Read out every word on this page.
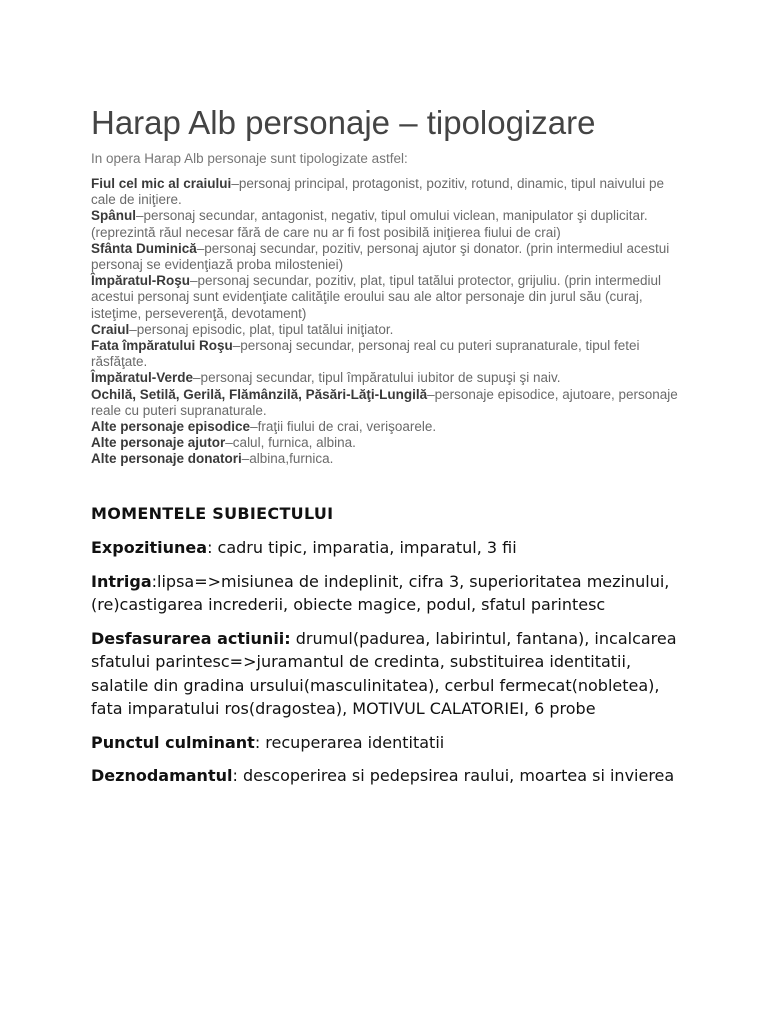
Harap Alb personaje – tipologizare
In opera Harap Alb personaje sunt tipologizate astfel:
Fiul cel mic al craiului–personaj principal, protagonist, pozitiv, rotund, dinamic, tipul naivului pe cale de iniţiere.
Spânul–personaj secundar, antagonist, negativ, tipul omului viclean, manipulator şi duplicitar. (reprezintă răul necesar fără de care nu ar fi fost posibilă iniţierea fiului de crai)
Sfânta Duminică–personaj secundar, pozitiv, personaj ajutor şi donator. (prin intermediul acestui personaj se evidenţiază proba milosteniei)
Împăratul-Roşu–personaj secundar, pozitiv, plat, tipul tatălui protector, grijuliu. (prin intermediul acestui personaj sunt evidenţiate calităţile eroului sau ale altor personaje din jurul său (curaj, isteţime, perseverenţă, devotament)
Craiul–personaj episodic, plat, tipul tatălui iniţiator.
Fata împăratului Roşu–personaj secundar, personaj real cu puteri supranaturale, tipul fetei răsfăţate.
Împăratul-Verde–personaj secundar, tipul împăratului iubitor de supuşi şi naiv.
Ochilă, Setilă, Gerilă, Flămânzilă, Păsări-Lăţi-Lungilă–personaje episodice, ajutoare, personaje reale cu puteri supranaturale.
Alte personaje episodice–fraţii fiului de crai, verişoarele.
Alte personaje ajutor–calul, furnica, albina.
Alte personaje donatori–albina,furnica.

MOMENTELE SUBIECTULUI

Expozitiunea: cadru tipic, imparatia, imparatul, 3 fii

Intriga:lipsa=>misiunea de indeplinit, cifra 3, superioritatea mezinului, (re)castigarea increderii, obiecte magice, podul, sfatul parintesc

Desfasurarea actiunii: drumul(padurea, labirintul, fantana), incalcarea sfatului parintesc=>juramantul de credinta, substituirea identitatii, salatile din gradina ursului(masculinitatea), cerbul fermecat(nobletea), fata imparatului ros(dragostea), MOTIVUL CALATORIEI, 6 probe

Punctul culminant: recuperarea identitatii

Deznodamantul: descoperirea si pedepsirea raului, moartea si invierea
